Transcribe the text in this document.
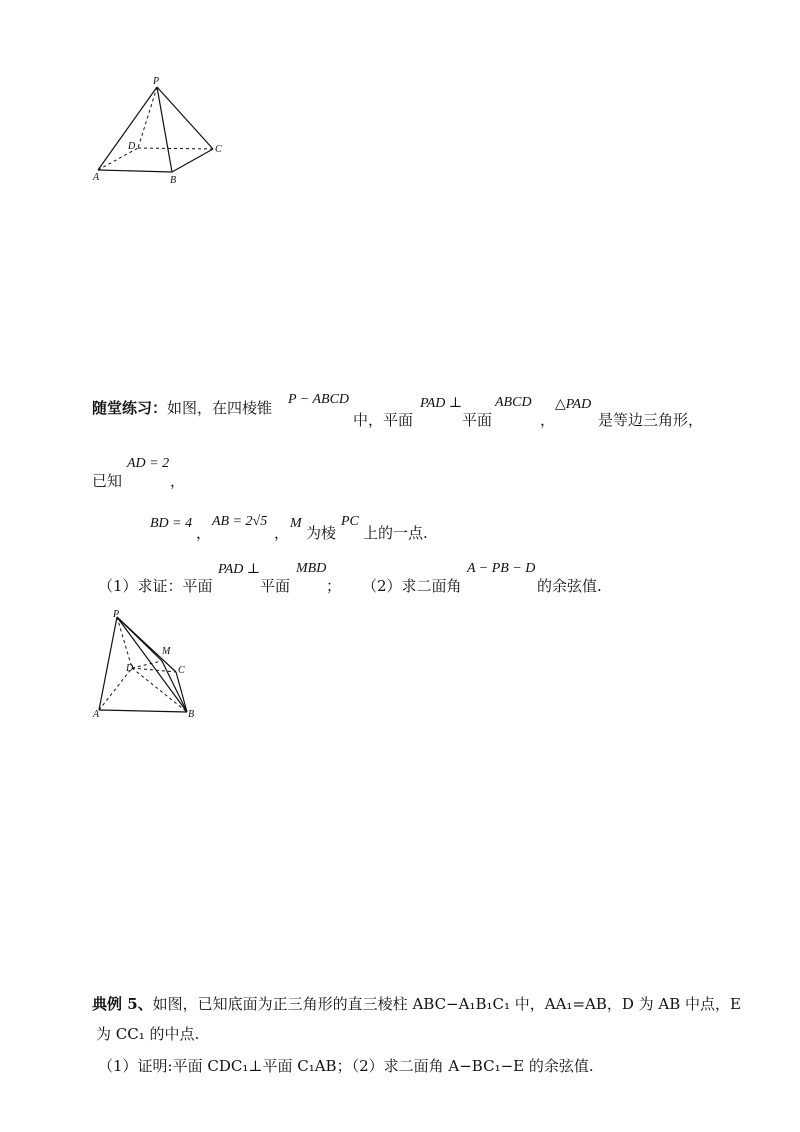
P
D	C
A	B
随堂练习：如图，在四棱锥 P − ABCD
中，平面
PAD ⊥
平面
ABCD
，
△PAD
是等边三角形，
已知
AD = 2
，
BD = 4
，
AB = 2√5
，
M
为棱
PC
上的一点.
（1）求证：平面
PAD ⊥
平面
MBD
； （2）求二面角
A − PB − D
的余弦值.
P
M
D	C
A	B
典例 5、如图，已知底面为正三角形的直三棱柱 ABC−A₁B₁C₁ 中，AA₁=AB，D 为 AB 中点，E
为 CC₁ 的中点.
（1）证明:平面 CDC₁⊥平面 C₁AB；（2）求二面角 A−BC₁−E 的余弦值.
